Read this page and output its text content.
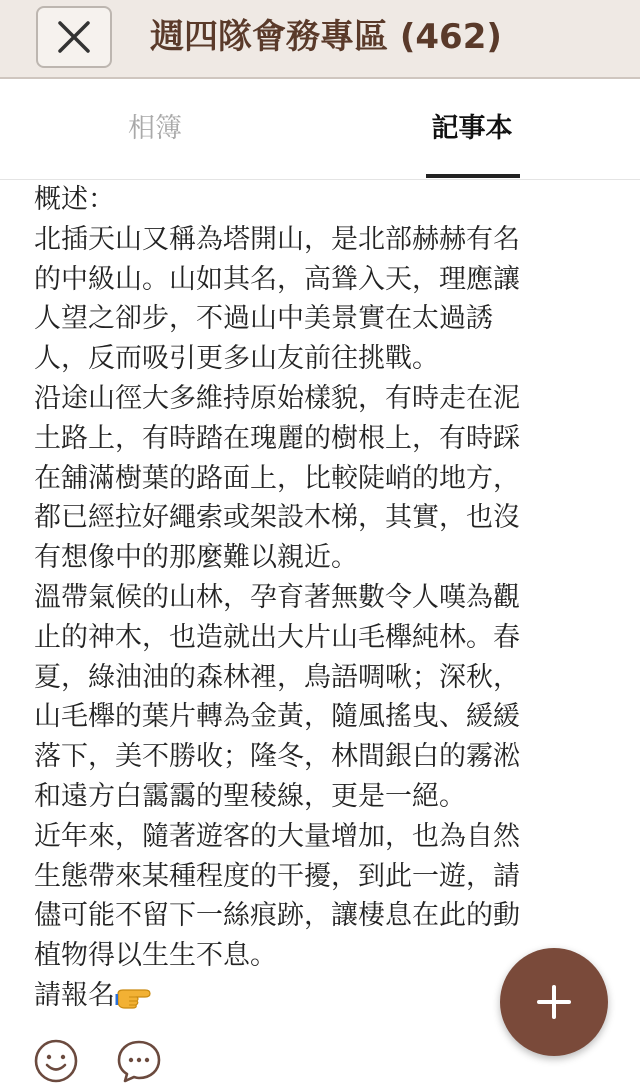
週四隊會務專區 (462)
相簿	記事本
概述：
北插天山又稱為塔開山，是北部赫赫有名
的中級山。山如其名，高聳入天，理應讓
人望之卻步，不過山中美景實在太過誘
人，反而吸引更多山友前往挑戰。
沿途山徑大多維持原始樣貌，有時走在泥
土路上，有時踏在瑰麗的樹根上，有時踩
在舖滿樹葉的路面上，比較陡峭的地方，
都已經拉好繩索或架設木梯，其實，也沒
有想像中的那麼難以親近。
溫帶氣候的山林，孕育著無數令人嘆為觀
止的神木，也造就出大片山毛櫸純林。春
夏，綠油油的森林裡，鳥語啁啾；深秋，
山毛櫸的葉片轉為金黃，隨風搖曳、緩緩
落下，美不勝收；隆冬，林間銀白的霧淞
和遠方白靄靄的聖稜線，更是一絕。
近年來，隨著遊客的大量增加，也為自然
生態帶來某種程度的干擾，到此一遊，請
儘可能不留下一絲痕跡，讓棲息在此的動
植物得以生生不息。
請報名
